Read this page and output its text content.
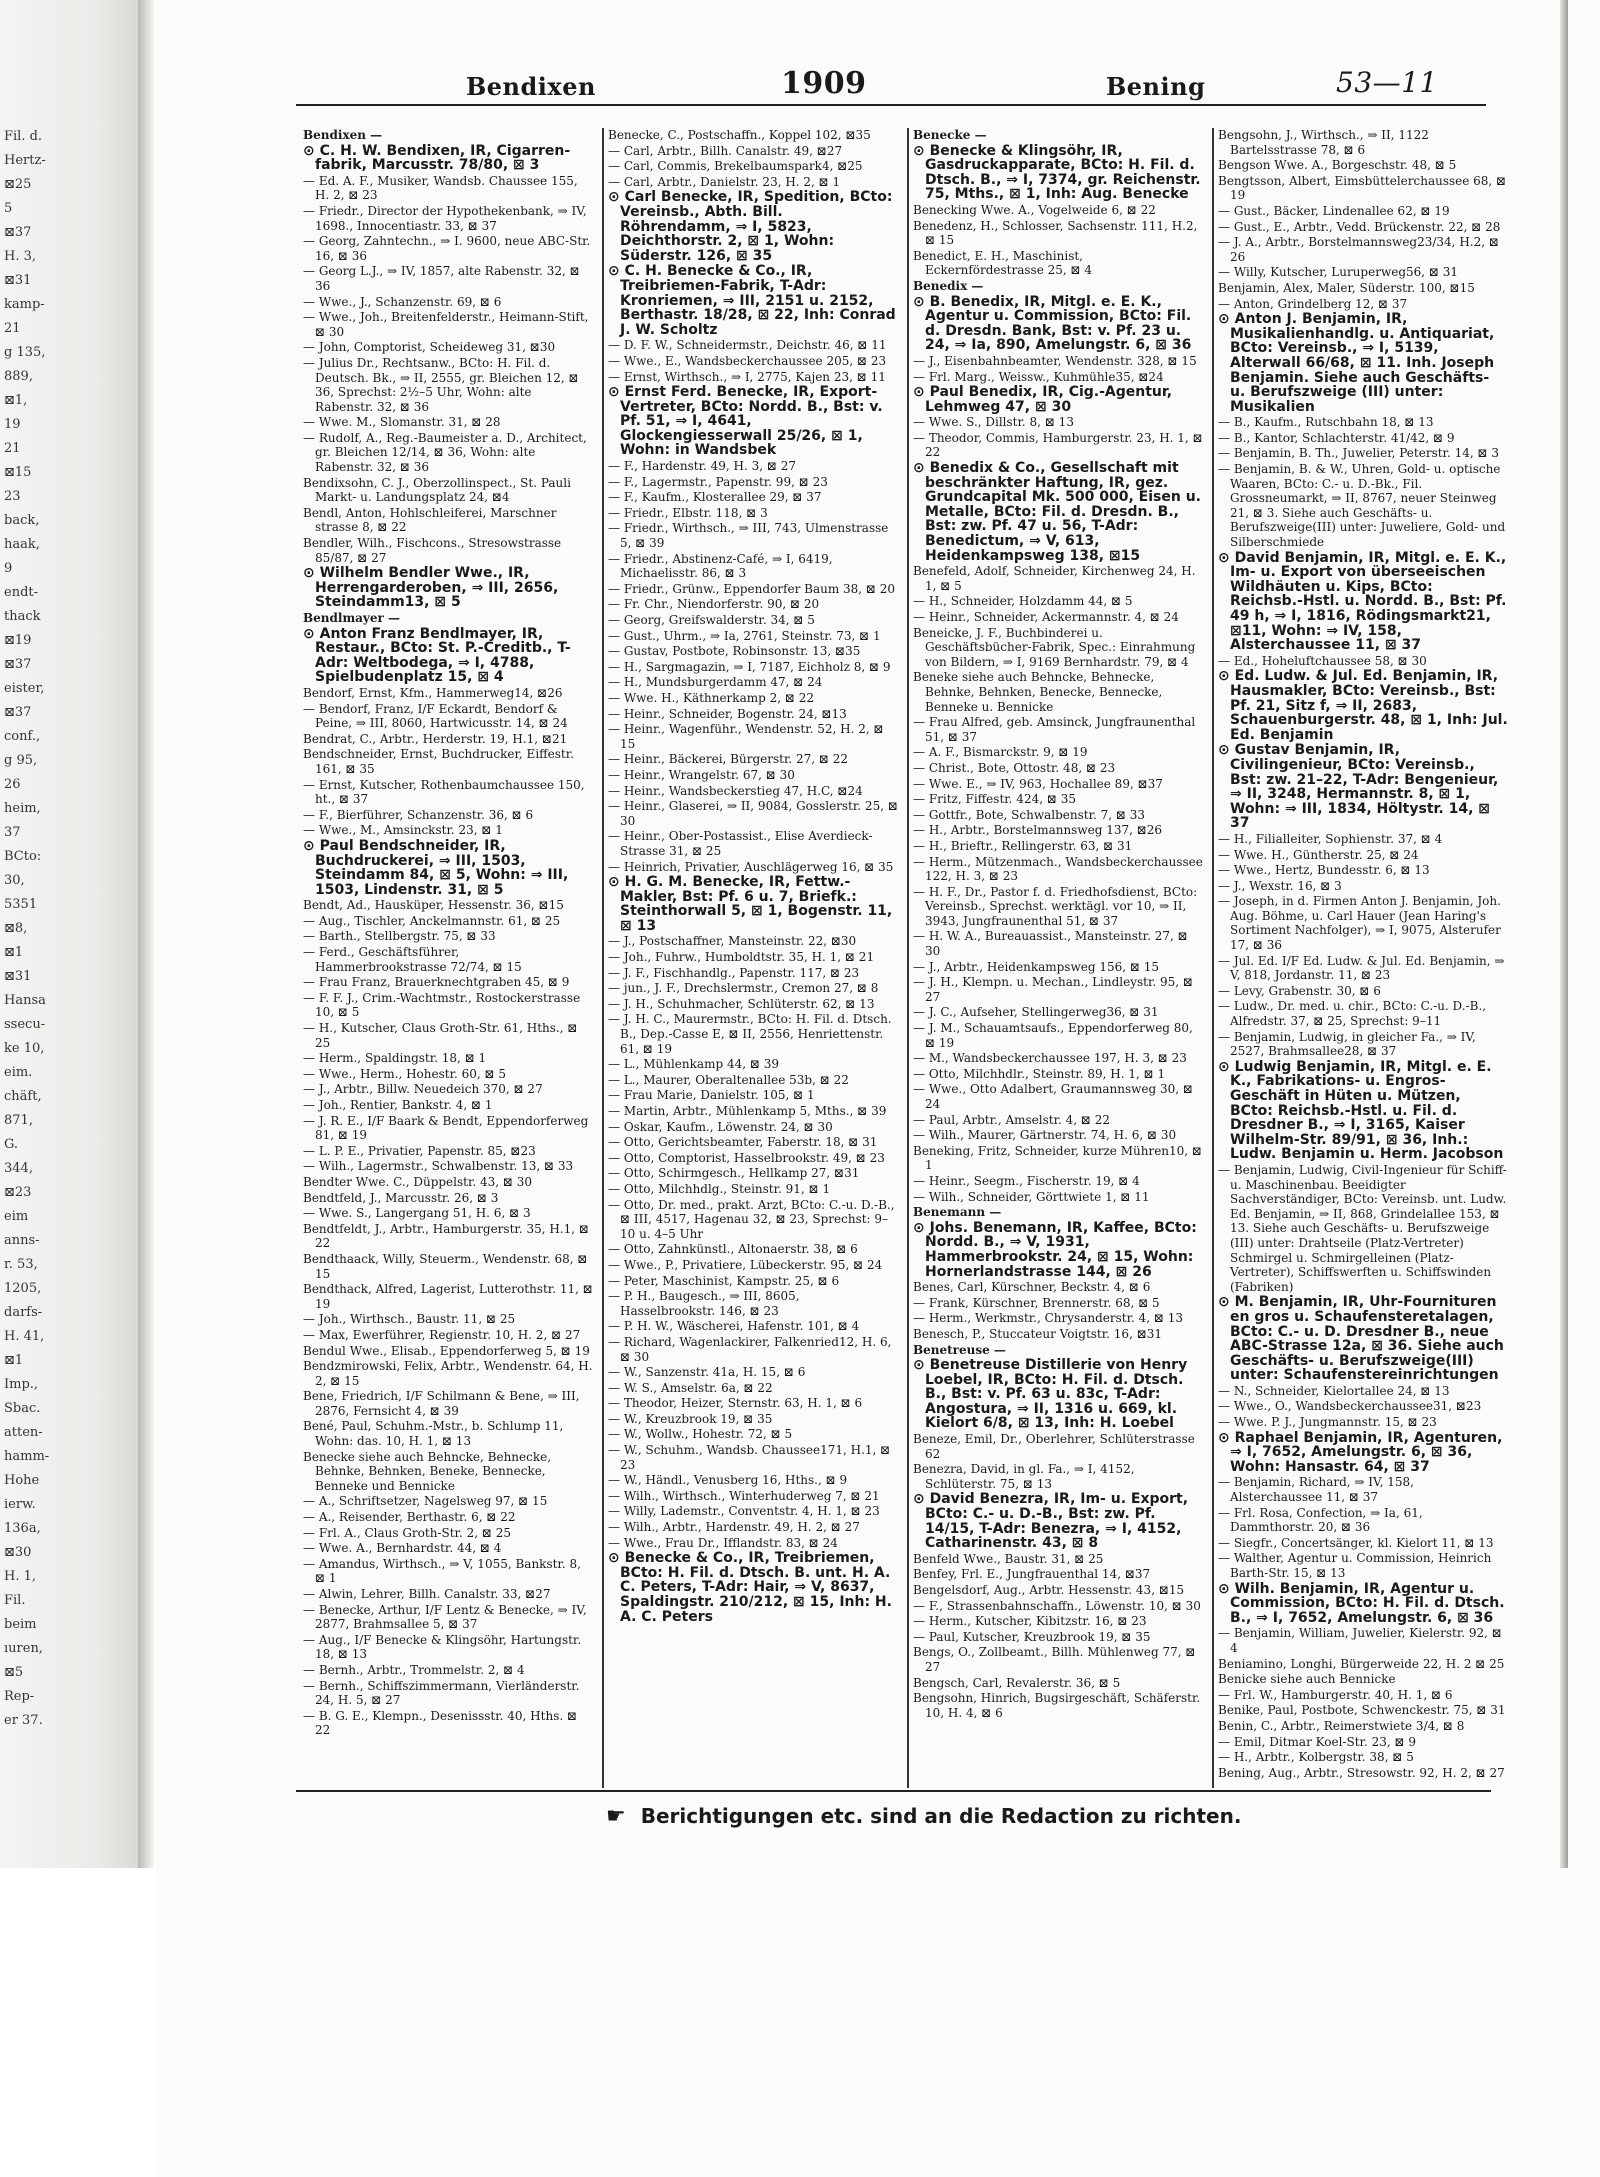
Fil. d.
Hertz-
⊠25
5
⊠37
H. 3,
⊠31
kamp-
21
g 135,
889,
⊠1,
19
21
⊠15
23
back,
haak,
9
endt-
thack
⊠19
⊠37
eister,
⊠37
conf.,
g 95,
26
heim,
37
BCto:
30,
5351
⊠8,
⊠1
⊠31
Hansa
ssecu-
ke 10,
eim.
chäft,
871,
G.
344,
⊠23
eim
anns-
r. 53,
1205,
darfs-
H. 41,
⊠1
Imp.,
Sbac.
atten-
hamm-
Hohe
ierw.
136a,
⊠30
H. 1,
Fil.
beim
ıuren,
⊠5
Rep-
er 37.
Bendixen	1909	Bening	53—11
Bendixen —
⊙ C. H. W. Bendixen, IR, Cigarren-fabrik, Marcusstr. 78/80, ⊠ 3
— Ed. A. F., Musiker, Wandsb. Chaussee 155, H. 2, ⊠ 23
— Friedr., Director der Hypothekenbank, ⇒ IV, 1698., Innocentiastr. 33, ⊠ 37
— Georg, Zahntechn., ⇒ I. 9600, neue ABC-Str. 16, ⊠ 36
— Georg L.J., ⇒ IV, 1857, alte Rabenstr. 32, ⊠ 36
— Wwe., J., Schanzenstr. 69, ⊠ 6
— Wwe., Joh., Breitenfelderstr., Heimann-Stift, ⊠ 30
— John, Comptorist, Scheideweg 31, ⊠30
— Julius Dr., Rechtsanw., BCto: H. Fil. d. Deutsch. Bk., ⇒ II, 2555, gr. Bleichen 12, ⊠ 36, Sprechst: 2½–5 Uhr, Wohn: alte Rabenstr. 32, ⊠ 36
— Wwe. M., Slomanstr. 31, ⊠ 28
— Rudolf, A., Reg.-Baumeister a. D., Architect, gr. Bleichen 12/14, ⊠ 36, Wohn: alte Rabenstr. 32, ⊠ 36
Bendixsohn, C. J., Oberzollinspect., St. Pauli Markt- u. Landungsplatz 24, ⊠4
Bendl, Anton, Hohlschleiferei, Marschner strasse 8, ⊠ 22
Bendler, Wilh., Fischcons., Stresowstrasse 85/87, ⊠ 27
⊙ Wilhelm Bendler Wwe., IR, Herrengarderoben, ⇒ III, 2656, Steindamm13, ⊠ 5
Bendlmayer —
⊙ Anton Franz Bendlmayer, IR, Restaur., BCto: St. P.-Creditb., T-Adr: Weltbodega, ⇒ I, 4788, Spielbudenplatz 15, ⊠ 4
Bendorf, Ernst, Kfm., Hammerweg14, ⊠26
— Bendorf, Franz, I/F Eckardt, Bendorf & Peine, ⇒ III, 8060, Hartwicusstr. 14, ⊠ 24
Bendrat, C., Arbtr., Herderstr. 19, H.1, ⊠21
Bendschneider, Ernst, Buchdrucker, Eiffestr. 161, ⊠ 35
— Ernst, Kutscher, Rothenbaumchaussee 150, ht., ⊠ 37
— F., Bierführer, Schanzenstr. 36, ⊠ 6
— Wwe., M., Amsinckstr. 23, ⊠ 1
⊙ Paul Bendschneider, IR, Buchdruckerei, ⇒ III, 1503, Steindamm 84, ⊠ 5, Wohn: ⇒ III, 1503, Lindenstr. 31, ⊠ 5
Bendt, Ad., Hausküper, Hessenstr. 36, ⊠15
— Aug., Tischler, Anckelmannstr. 61, ⊠ 25
— Barth., Stellbergstr. 75, ⊠ 33
— Ferd., Geschäftsführer, Hammerbrookstrasse 72/74, ⊠ 15
— Frau Franz, Brauerknechtgraben 45, ⊠ 9
— F. F. J., Crim.-Wachtmstr., Rostockerstrasse 10, ⊠ 5
— H., Kutscher, Claus Groth-Str. 61, Hths., ⊠ 25
— Herm., Spaldingstr. 18, ⊠ 1
— Wwe., Herm., Hohestr. 60, ⊠ 5
— J., Arbtr., Billw. Neuedeich 370, ⊠ 27
— Joh., Rentier, Bankstr. 4, ⊠ 1
— J. R. E., I/F Baark & Bendt, Eppendorferweg 81, ⊠ 19
— L. P. E., Privatier, Papenstr. 85, ⊠23
— Wilh., Lagermstr., Schwalbenstr. 13, ⊠ 33
Bendter Wwe. C., Düppelstr. 43, ⊠ 30
Bendtfeld, J., Marcusstr. 26, ⊠ 3
— Wwe. S., Langergang 51, H. 6, ⊠ 3
Bendtfeldt, J., Arbtr., Hamburgerstr. 35, H.1, ⊠ 22
Bendthaack, Willy, Steuerm., Wendenstr. 68, ⊠ 15
Bendthack, Alfred, Lagerist, Lutterothstr. 11, ⊠ 19
— Joh., Wirthsch., Baustr. 11, ⊠ 25
— Max, Ewerführer, Regienstr. 10, H. 2, ⊠ 27
Bendul Wwe., Elisab., Eppendorferweg 5, ⊠ 19
Bendzmirowski, Felix, Arbtr., Wendenstr. 64, H. 2, ⊠ 15
Bene, Friedrich, I/F Schilmann & Bene, ⇒ III, 2876, Fernsicht 4, ⊠ 39
Bené, Paul, Schuhm.-Mstr., b. Schlump 11, Wohn: das. 10, H. 1, ⊠ 13
Benecke siehe auch Behncke, Behnecke, Behnke, Behnken, Beneke, Bennecke, Benneke und Bennicke
— A., Schriftsetzer, Nagelsweg 97, ⊠ 15
— A., Reisender, Berthastr. 6, ⊠ 22
— Frl. A., Claus Groth-Str. 2, ⊠ 25
— Wwe. A., Bernhardstr. 44, ⊠ 4
— Amandus, Wirthsch., ⇒ V, 1055, Bankstr. 8, ⊠ 1
— Alwin, Lehrer, Billh. Canalstr. 33, ⊠27
— Benecke, Arthur, I/F Lentz & Benecke, ⇒ IV, 2877, Brahmsallee 5, ⊠ 37
— Aug., I/F Benecke & Klingsöhr, Hartungstr. 18, ⊠ 13
— Bernh., Arbtr., Trommelstr. 2, ⊠ 4
— Bernh., Schiffszimmermann, Vierländerstr. 24, H. 5, ⊠ 27
— B. G. E., Klempn., Desenissstr. 40, Hths. ⊠ 22
Benecke, C., Postschaffn., Koppel 102, ⊠35
— Carl, Arbtr., Billh. Canalstr. 49, ⊠27
— Carl, Commis, Brekelbaumspark4, ⊠25
— Carl, Arbtr., Danielstr. 23, H. 2, ⊠ 1
⊙ Carl Benecke, IR, Spedition, BCto: Vereinsb., Abth. Bill. Röhrendamm, ⇒ I, 5823, Deichthorstr. 2, ⊠ 1, Wohn: Süderstr. 126, ⊠ 35
⊙ C. H. Benecke & Co., IR, Treibriemen-Fabrik, T-Adr: Kronriemen, ⇒ III, 2151 u. 2152, Berthastr. 18/28, ⊠ 22, Inh: Conrad J. W. Scholtz
— D. F. W., Schneidermstr., Deichstr. 46, ⊠ 11
— Wwe., E., Wandsbeckerchaussee 205, ⊠ 23
— Ernst, Wirthsch., ⇒ I, 2775, Kajen 23, ⊠ 11
⊙ Ernst Ferd. Benecke, IR, Export-Vertreter, BCto: Nordd. B., Bst: v. Pf. 51, ⇒ I, 4641, Glockengiesserwall 25/26, ⊠ 1, Wohn: in Wandsbek
— F., Hardenstr. 49, H. 3, ⊠ 27
— F., Lagermstr., Papenstr. 99, ⊠ 23
— F., Kaufm., Klosterallee 29, ⊠ 37
— Friedr., Elbstr. 118, ⊠ 3
— Friedr., Wirthsch., ⇒ III, 743, Ulmenstrasse 5, ⊠ 39
— Friedr., Abstinenz-Café, ⇒ I, 6419, Michaelisstr. 86, ⊠ 3
— Friedr., Grünw., Eppendorfer Baum 38, ⊠ 20
— Fr. Chr., Niendorferstr. 90, ⊠ 20
— Georg, Greifswalderstr. 34, ⊠ 5
— Gust., Uhrm., ⇒ Ia, 2761, Steinstr. 73, ⊠ 1
— Gustav, Postbote, Robinsonstr. 13, ⊠35
— H., Sargmagazin, ⇒ I, 7187, Eichholz 8, ⊠ 9
— H., Mundsburgerdamm 47, ⊠ 24
— Wwe. H., Käthnerkamp 2, ⊠ 22
— Heinr., Schneider, Bogenstr. 24, ⊠13
— Heinr., Wagenführ., Wendenstr. 52, H. 2, ⊠ 15
— Heinr., Bäckerei, Bürgerstr. 27, ⊠ 22
— Heinr., Wrangelstr. 67, ⊠ 30
— Heinr., Wandsbeckerstieg 47, H.C, ⊠24
— Heinr., Glaserei, ⇒ II, 9084, Gosslerstr. 25, ⊠ 30
— Heinr., Ober-Postassist., Elise Averdieck-Strasse 31, ⊠ 25
— Heinrich, Privatier, Auschlägerweg 16, ⊠ 35
⊙ H. G. M. Benecke, IR, Fettw.-Makler, Bst: Pf. 6 u. 7, Briefk.: Steinthorwall 5, ⊠ 1, Bogenstr. 11, ⊠ 13
— J., Postschaffner, Mansteinstr. 22, ⊠30
— Joh., Fuhrw., Humboldtstr. 35, H. 1, ⊠ 21
— J. F., Fischhandlg., Papenstr. 117, ⊠ 23
— jun., J. F., Drechslermstr., Cremon 27, ⊠ 8
— J. H., Schuhmacher, Schlüterstr. 62, ⊠ 13
— J. H. C., Maurermstr., BCto: H. Fil. d. Dtsch. B., Dep.-Casse E, ⊠ II, 2556, Henriettenstr. 61, ⊠ 19
— L., Mühlenkamp 44, ⊠ 39
— L., Maurer, Oberaltenallee 53b, ⊠ 22
— Frau Marie, Danielstr. 105, ⊠ 1
— Martin, Arbtr., Mühlenkamp 5, Mths., ⊠ 39
— Oskar, Kaufm., Löwenstr. 24, ⊠ 30
— Otto, Gerichtsbeamter, Faberstr. 18, ⊠ 31
— Otto, Comptorist, Hasselbrookstr. 49, ⊠ 23
— Otto, Schirmgesch., Hellkamp 27, ⊠31
— Otto, Milchhdlg., Steinstr. 91, ⊠ 1
— Otto, Dr. med., prakt. Arzt, BCto: C.-u. D.-B., ⊠ III, 4517, Hagenau 32, ⊠ 23, Sprechst: 9–10 u. 4–5 Uhr
— Otto, Zahnkünstl., Altonaerstr. 38, ⊠ 6
— Wwe., P., Privatiere, Lübeckerstr. 95, ⊠ 24
— Peter, Maschinist, Kampstr. 25, ⊠ 6
— P. H., Baugesch., ⇒ III, 8605, Hasselbrookstr. 146, ⊠ 23
— P. H. W., Wäscherei, Hafenstr. 101, ⊠ 4
— Richard, Wagenlackirer, Falkenried12, H. 6, ⊠ 30
— W., Sanzenstr. 41a, H. 15, ⊠ 6
— W. S., Amselstr. 6a, ⊠ 22
— Theodor, Heizer, Sternstr. 63, H. 1, ⊠ 6
— W., Kreuzbrook 19, ⊠ 35
— W., Wollw., Hohestr. 72, ⊠ 5
— W., Schuhm., Wandsb. Chaussee171, H.1, ⊠ 23
— W., Händl., Venusberg 16, Hths., ⊠ 9
— Wilh., Wirthsch., Winterhuderweg 7, ⊠ 21
— Willy, Lademstr., Conventstr. 4, H. 1, ⊠ 23
— Wilh., Arbtr., Hardenstr. 49, H. 2, ⊠ 27
— Wwe., Frau Dr., Ifflandstr. 83, ⊠ 24
⊙ Benecke & Co., IR, Treibriemen, BCto: H. Fil. d. Dtsch. B. unt. H. A. C. Peters, T-Adr: Hair, ⇒ V, 8637, Spaldingstr. 210/212, ⊠ 15, Inh: H. A. C. Peters
Benecke —
⊙ Benecke & Klingsöhr, IR, Gasdruckapparate, BCto: H. Fil. d. Dtsch. B., ⇒ I, 7374, gr. Reichenstr. 75, Mths., ⊠ 1, Inh: Aug. Benecke
Benecking Wwe. A., Vogelweide 6, ⊠ 22
Benedenz, H., Schlosser, Sachsenstr. 111, H.2, ⊠ 15
Benedict, E. H., Maschinist, Eckernfördestrasse 25, ⊠ 4
Benedix —
⊙ B. Benedix, IR, Mitgl. e. E. K., Agentur u. Commission, BCto: Fil. d. Dresdn. Bank, Bst: v. Pf. 23 u. 24, ⇒ Ia, 890, Amelungstr. 6, ⊠ 36
— J., Eisenbahnbeamter, Wendenstr. 328, ⊠ 15
— Frl. Marg., Weissw., Kuhmühle35, ⊠24
⊙ Paul Benedix, IR, Cig.-Agentur, Lehmweg 47, ⊠ 30
— Wwe. S., Dillstr. 8, ⊠ 13
— Theodor, Commis, Hamburgerstr. 23, H. 1, ⊠ 22
⊙ Benedix & Co., Gesellschaft mit beschränkter Haftung, IR, gez. Grundcapital Mk. 500 000, Eisen u. Metalle, BCto: Fil. d. Dresdn. B., Bst: zw. Pf. 47 u. 56, T-Adr: Benedictum, ⇒ V, 613, Heidenkampsweg 138, ⊠15
Benefeld, Adolf, Schneider, Kirchenweg 24, H. 1, ⊠ 5
— H., Schneider, Holzdamm 44, ⊠ 5
— Heinr., Schneider, Ackermannstr. 4, ⊠ 24
Beneicke, J. F., Buchbinderei u. Geschäftsbücher-Fabrik, Spec.: Einrahmung von Bildern, ⇒ I, 9169 Bernhardstr. 79, ⊠ 4
Beneke siehe auch Behncke, Behnecke, Behnke, Behnken, Benecke, Bennecke, Benneke u. Bennicke
— Frau Alfred, geb. Amsinck, Jungfraunenthal 51, ⊠ 37
— A. F., Bismarckstr. 9, ⊠ 19
— Christ., Bote, Ottostr. 48, ⊠ 23
— Wwe. E., ⇒ IV, 963, Hochallee 89, ⊠37
— Fritz, Fiffestr. 424, ⊠ 35
— Gottfr., Bote, Schwalbenstr. 7, ⊠ 33
— H., Arbtr., Borstelmannsweg 137, ⊠26
— H., Brieftr., Rellingerstr. 63, ⊠ 31
— Herm., Mützenmach., Wandsbeckerchaussee 122, H. 3, ⊠ 23
— H. F., Dr., Pastor f. d. Friedhofsdienst, BCto: Vereinsb., Sprechst. werktägl. vor 10, ⇒ II, 3943, Jungfraunenthal 51, ⊠ 37
— H. W. A., Bureauassist., Mansteinstr. 27, ⊠ 30
— J., Arbtr., Heidenkampsweg 156, ⊠ 15
— J. H., Klempn. u. Mechan., Lindleystr. 95, ⊠ 27
— J. C., Aufseher, Stellingerweg36, ⊠ 31
— J. M., Schauamtsaufs., Eppendorferweg 80, ⊠ 19
— M., Wandsbeckerchaussee 197, H. 3, ⊠ 23
— Otto, Milchhdlr., Steinstr. 89, H. 1, ⊠ 1
— Wwe., Otto Adalbert, Graumannsweg 30, ⊠ 24
— Paul, Arbtr., Amselstr. 4, ⊠ 22
— Wilh., Maurer, Gärtnerstr. 74, H. 6, ⊠ 30
Beneking, Fritz, Schneider, kurze Mühren10, ⊠ 1
— Heinr., Seegm., Fischerstr. 19, ⊠ 4
— Wilh., Schneider, Görttwiete 1, ⊠ 11
Benemann —
⊙ Johs. Benemann, IR, Kaffee, BCto: Nordd. B., ⇒ V, 1931, Hammerbrookstr. 24, ⊠ 15, Wohn: Hornerlandstrasse 144, ⊠ 26
Benes, Carl, Kürschner, Beckstr. 4, ⊠ 6
— Frank, Kürschner, Brennerstr. 68, ⊠ 5
— Herm., Werkmstr., Chrysanderstr. 4, ⊠ 13
Benesch, P., Stuccateur Voigtstr. 16, ⊠31
Benetreuse —
⊙ Benetreuse Distillerie von Henry Loebel, IR, BCto: H. Fil. d. Dtsch. B., Bst: v. Pf. 63 u. 83c, T-Adr: Angostura, ⇒ II, 1316 u. 669, kl. Kielort 6/8, ⊠ 13, Inh: H. Loebel
Beneze, Emil, Dr., Oberlehrer, Schlüterstrasse 62
Benezra, David, in gl. Fa., ⇒ I, 4152, Schlüterstr. 75, ⊠ 13
⊙ David Benezra, IR, Im- u. Export, BCto: C.- u. D.-B., Bst: zw. Pf. 14/15, T-Adr: Benezra, ⇒ I, 4152, Catharinenstr. 43, ⊠ 8
Benfeld Wwe., Baustr. 31, ⊠ 25
Benfey, Frl. E., Jungfrauenthal 14, ⊠37
Bengelsdorf, Aug., Arbtr. Hessenstr. 43, ⊠15
— F., Strassenbahnschaffn., Löwenstr. 10, ⊠ 30
— Herm., Kutscher, Kibitzstr. 16, ⊠ 23
— Paul, Kutscher, Kreuzbrook 19, ⊠ 35
Bengs, O., Zollbeamt., Billh. Mühlenweg 77, ⊠ 27
Bengsch, Carl, Revalerstr. 36, ⊠ 5
Bengsohn, Hinrich, Bugsirgeschäft, Schäferstr. 10, H. 4, ⊠ 6
Bengsohn, J., Wirthsch., ⇒ II, 1122 Bartelsstrasse 78, ⊠ 6
Bengson Wwe. A., Borgeschstr. 48, ⊠ 5
Bengtsson, Albert, Eimsbüttelerchaussee 68, ⊠ 19
— Gust., Bäcker, Lindenallee 62, ⊠ 19
— Gust., E., Arbtr., Vedd. Brückenstr. 22, ⊠ 28
— J. A., Arbtr., Borstelmannsweg23/34, H.2, ⊠ 26
— Willy, Kutscher, Luruperweg56, ⊠ 31
Benjamin, Alex, Maler, Süderstr. 100, ⊠15
— Anton, Grindelberg 12, ⊠ 37
⊙ Anton J. Benjamin, IR, Musikalienhandlg. u. Antiquariat, BCto: Vereinsb., ⇒ I, 5139, Alterwall 66/68, ⊠ 11. Inh. Joseph Benjamin. Siehe auch Geschäfts- u. Berufszweige (III) unter: Musikalien
— B., Kaufm., Rutschbahn 18, ⊠ 13
— B., Kantor, Schlachterstr. 41/42, ⊠ 9
— Benjamin, B. Th., Juwelier, Peterstr. 14, ⊠ 3
— Benjamin, B. & W., Uhren, Gold- u. optische Waaren, BCto: C.- u. D.-Bk., Fil. Grossneumarkt, ⇒ II, 8767, neuer Steinweg 21, ⊠ 3. Siehe auch Geschäfts- u. Berufszweige(III) unter: Juweliere, Gold- und Silberschmiede
⊙ David Benjamin, IR, Mitgl. e. E. K., Im- u. Export von überseeischen Wildhäuten u. Kips, BCto: Reichsb.-Hstl. u. Nordd. B., Bst: Pf. 49 h, ⇒ I, 1816, Rödingsmarkt21, ⊠11, Wohn: ⇒ IV, 158, Alsterchaussee 11, ⊠ 37
— Ed., Hoheluftchaussee 58, ⊠ 30
⊙ Ed. Ludw. & Jul. Ed. Benjamin, IR, Hausmakler, BCto: Vereinsb., Bst: Pf. 21, Sitz f, ⇒ II, 2683, Schauenburgerstr. 48, ⊠ 1, Inh: Jul. Ed. Benjamin
⊙ Gustav Benjamin, IR, Civilingenieur, BCto: Vereinsb., Bst: zw. 21–22, T-Adr: Bengenieur, ⇒ II, 3248, Hermannstr. 8, ⊠ 1, Wohn: ⇒ III, 1834, Höltystr. 14, ⊠ 37
— H., Filialleiter, Sophienstr. 37, ⊠ 4
— Wwe. H., Güntherstr. 25, ⊠ 24
— Wwe., Hertz, Bundesstr. 6, ⊠ 13
— J., Wexstr. 16, ⊠ 3
— Joseph, in d. Firmen Anton J. Benjamin, Joh. Aug. Böhme, u. Carl Hauer (Jean Haring's Sortiment Nachfolger), ⇒ I, 9075, Alsterufer 17, ⊠ 36
— Jul. Ed. I/F Ed. Ludw. & Jul. Ed. Benjamin, ⇒ V, 818, Jordanstr. 11, ⊠ 23
— Levy, Grabenstr. 30, ⊠ 6
— Ludw., Dr. med. u. chir., BCto: C.-u. D.-B., Alfredstr. 37, ⊠ 25, Sprechst: 9–11
— Benjamin, Ludwig, in gleicher Fa., ⇒ IV, 2527, Brahmsallee28, ⊠ 37
⊙ Ludwig Benjamin, IR, Mitgl. e. E. K., Fabrikations- u. Engros-Geschäft in Hüten u. Mützen, BCto: Reichsb.-Hstl. u. Fil. d. Dresdner B., ⇒ I, 3165, Kaiser Wilhelm-Str. 89/91, ⊠ 36, Inh.: Ludw. Benjamin u. Herm. Jacobson
— Benjamin, Ludwig, Civil-Ingenieur für Schiff- u. Maschinenbau. Beeidigter Sachverständiger, BCto: Vereinsb. unt. Ludw. Ed. Benjamin, ⇒ II, 868, Grindelallee 153, ⊠ 13. Siehe auch Geschäfts- u. Berufszweige (III) unter: Drahtseile (Platz-Vertreter) Schmirgel u. Schmirgelleinen (Platz-Vertreter), Schiffswerften u. Schiffswinden (Fabriken)
⊙ M. Benjamin, IR, Uhr-Fournituren en gros u. Schaufensteretalagen, BCto: C.- u. D. Dresdner B., neue ABC-Strasse 12a, ⊠ 36. Siehe auch Geschäfts- u. Berufszweige(III) unter: Schaufenstereinrichtungen
— N., Schneider, Kielortallee 24, ⊠ 13
— Wwe., O., Wandsbeckerchaussee31, ⊠23
— Wwe. P. J., Jungmannstr. 15, ⊠ 23
⊙ Raphael Benjamin, IR, Agenturen, ⇒ I, 7652, Amelungstr. 6, ⊠ 36, Wohn: Hansastr. 64, ⊠ 37
— Benjamin, Richard, ⇒ IV, 158, Alsterchaussee 11, ⊠ 37
— Frl. Rosa, Confection, ⇒ Ia, 61, Dammthorstr. 20, ⊠ 36
— Siegfr., Concertsänger, kl. Kielort 11, ⊠ 13
— Walther, Agentur u. Commission, Heinrich Barth-Str. 15, ⊠ 13
⊙ Wilh. Benjamin, IR, Agentur u. Commission, BCto: H. Fil. d. Dtsch. B., ⇒ I, 7652, Amelungstr. 6, ⊠ 36
— Benjamin, William, Juwelier, Kielerstr. 92, ⊠ 4
Beniamino, Longhi, Bürgerweide 22, H. 2 ⊠ 25
Benicke siehe auch Bennicke
— Frl. W., Hamburgerstr. 40, H. 1, ⊠ 6
Benike, Paul, Postbote, Schwenckestr. 75, ⊠ 31
Benin, C., Arbtr., Reimerstwiete 3/4, ⊠ 8
— Emil, Ditmar Koel-Str. 23, ⊠ 9
— H., Arbtr., Kolbergstr. 38, ⊠ 5
Bening, Aug., Arbtr., Stresowstr. 92, H. 2, ⊠ 27
☛ Berichtigungen etc. sind an die Redaction zu richten.
